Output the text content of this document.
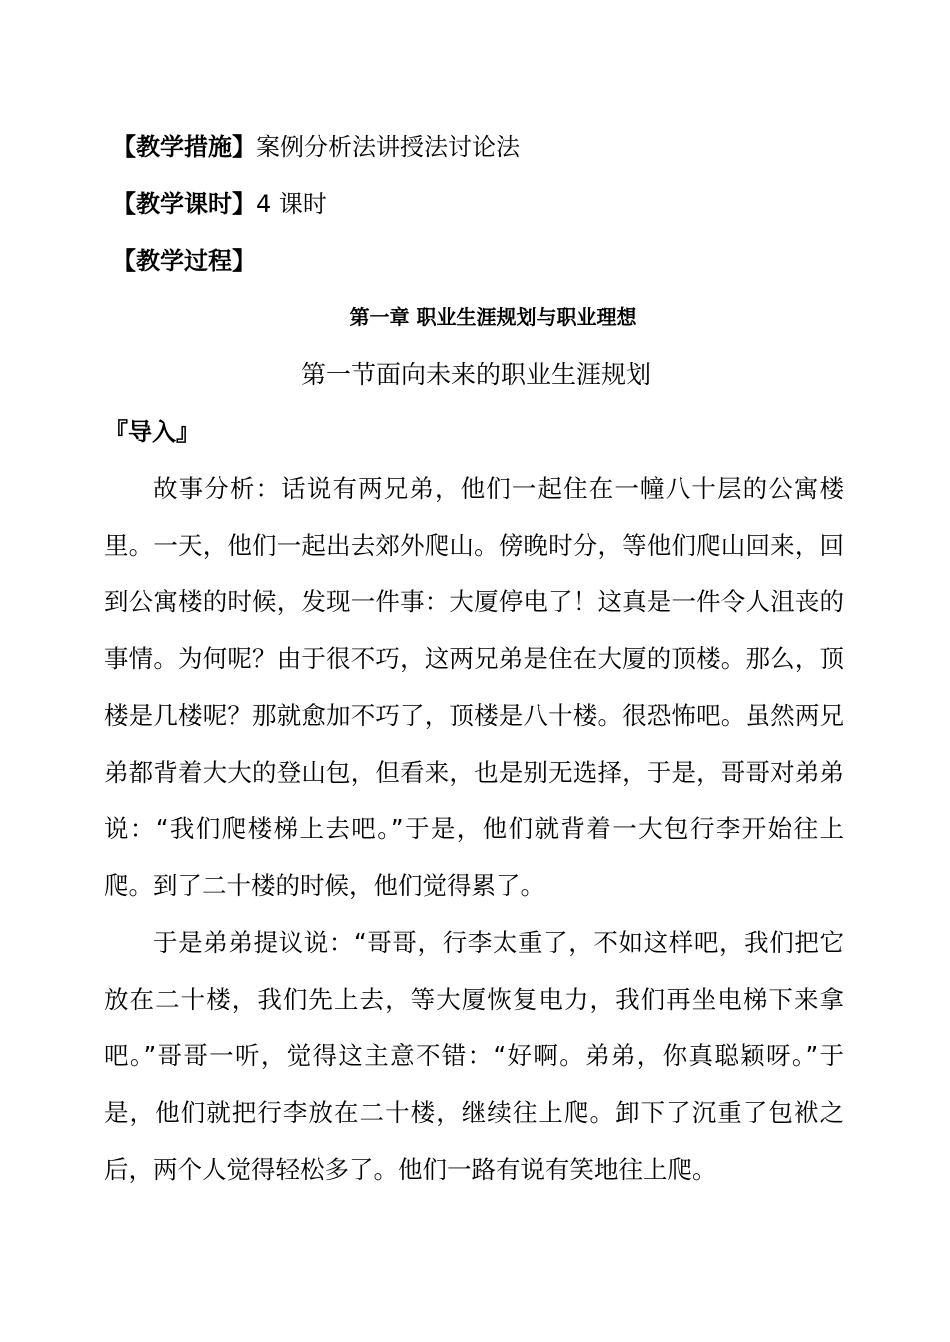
【教学措施】案例分析法讲授法讨论法
【教学课时】4 课时
【教学过程】
第一章 职业生涯规划与职业理想
第一节面向未来的职业生涯规划
『导入』

故事分析：话说有两兄弟，他们一起住在一幢八十层的公寓楼里。一天，他们一起出去郊外爬山。傍晚时分，等他们爬山回来，回到公寓楼的时候，发现一件事：大厦停电了！这真是一件令人沮丧的事情。为何呢？由于很不巧，这两兄弟是住在大厦的顶楼。那么，顶楼是几楼呢？那就愈加不巧了，顶楼是八十楼。很恐怖吧。虽然两兄弟都背着大大的登山包，但看来，也是别无选择，于是，哥哥对弟弟说：“我们爬楼梯上去吧。”于是，他们就背着一大包行李开始往上爬。到了二十楼的时候，他们觉得累了。

于是弟弟提议说：“哥哥，行李太重了，不如这样吧，我们把它放在二十楼，我们先上去，等大厦恢复电力，我们再坐电梯下来拿吧。”哥哥一听，觉得这主意不错：“好啊。弟弟，你真聪颖呀。”于是，他们就把行李放在二十楼，继续往上爬。卸下了沉重了包袱之后，两个人觉得轻松多了。他们一路有说有笑地往上爬。
